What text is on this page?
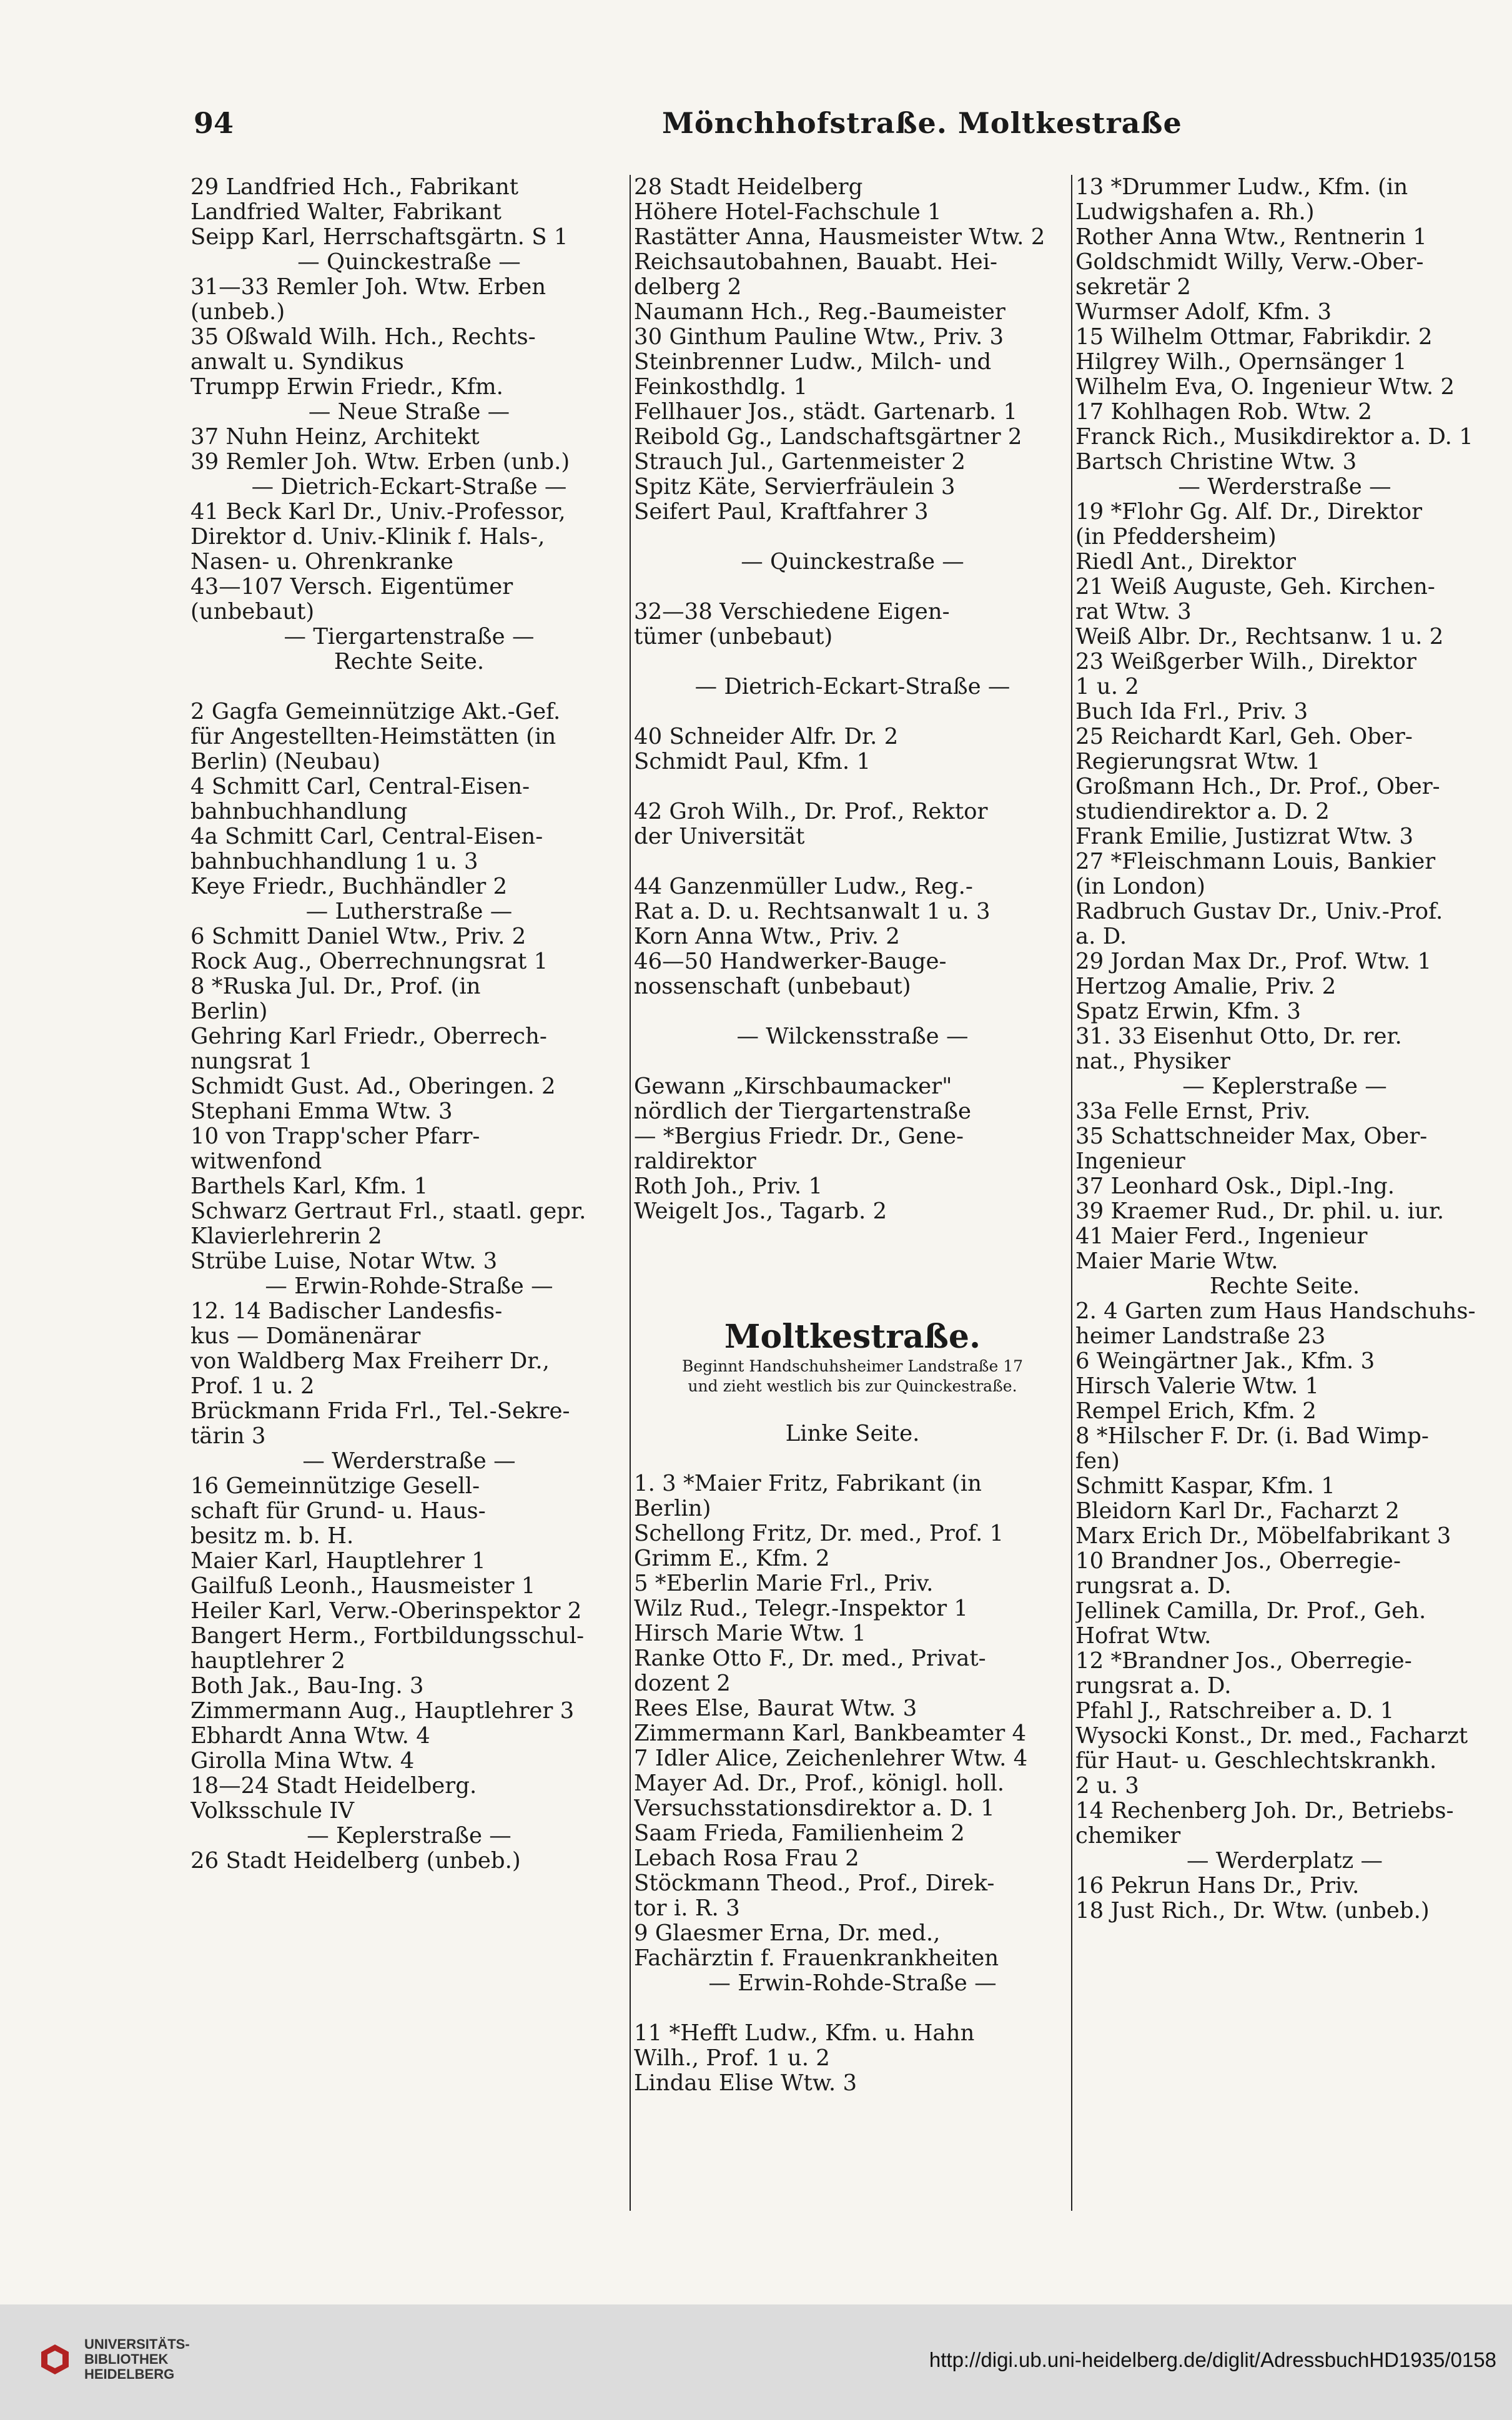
94	Mönchhofstraße. Moltkestraße
29 Landfried Hch., Fabrikant
Landfried Walter, Fabrikant
Seipp Karl, Herrschaftsgärtn. S 1
— Quinckestraße —
31—33 Remler Joh. Wtw. Erben
(unbeb.)
35 Oßwald Wilh. Hch., Rechts-
anwalt u. Syndikus
Trumpp Erwin Friedr., Kfm.
— Neue Straße —
37 Nuhn Heinz, Architekt
39 Remler Joh. Wtw. Erben (unb.)
— Dietrich-Eckart-Straße —
41 Beck Karl Dr., Univ.-Professor,
Direktor d. Univ.-Klinik f. Hals-,
Nasen- u. Ohrenkranke
43—107 Versch. Eigentümer
(unbebaut)
— Tiergartenstraße —
Rechte Seite.
2 Gagfa Gemeinnützige Akt.-Gef.
für Angestellten-Heimstätten (in
Berlin) (Neubau)
4 Schmitt Carl, Central-Eisen-
bahnbuchhandlung
4a Schmitt Carl, Central-Eisen-
bahnbuchhandlung 1 u. 3
Keye Friedr., Buchhändler 2
— Lutherstraße —
6 Schmitt Daniel Wtw., Priv. 2
Rock Aug., Oberrechnungsrat 1
8 *Ruska Jul. Dr., Prof. (in
Berlin)
Gehring Karl Friedr., Oberrech-
nungsrat 1
Schmidt Gust. Ad., Oberingen. 2
Stephani Emma Wtw. 3
10 von Trapp'scher Pfarr-
witwenfond
Barthels Karl, Kfm. 1
Schwarz Gertraut Frl., staatl. gepr.
Klavierlehrerin 2
Strübe Luise, Notar Wtw. 3
— Erwin-Rohde-Straße —
12. 14 Badischer Landesfis-
kus — Domänenärar
von Waldberg Max Freiherr Dr.,
Prof. 1 u. 2
Brückmann Frida Frl., Tel.-Sekre-
tärin 3
— Werderstraße —
16 Gemeinnützige Gesell-
schaft für Grund- u. Haus-
besitz m. b. H.
Maier Karl, Hauptlehrer 1
Gailfuß Leonh., Hausmeister 1
Heiler Karl, Verw.-Oberinspektor 2
Bangert Herm., Fortbildungsschul-
hauptlehrer 2
Both Jak., Bau-Ing. 3
Zimmermann Aug., Hauptlehrer 3
Ebhardt Anna Wtw. 4
Girolla Mina Wtw. 4
18—24 Stadt Heidelberg.
Volksschule IV
— Keplerstraße —
26 Stadt Heidelberg (unbeb.)
28 Stadt Heidelberg
Höhere Hotel-Fachschule 1
Rastätter Anna, Hausmeister Wtw. 2
Reichsautobahnen, Bauabt. Hei-
delberg 2
Naumann Hch., Reg.-Baumeister
30 Ginthum Pauline Wtw., Priv. 3
Steinbrenner Ludw., Milch- und
Feinkosthdlg. 1
Fellhauer Jos., städt. Gartenarb. 1
Reibold Gg., Landschaftsgärtner 2
Strauch Jul., Gartenmeister 2
Spitz Käte, Servierfräulein 3
Seifert Paul, Kraftfahrer 3
— Quinckestraße —
32—38 Verschiedene Eigen-
tümer (unbebaut)
— Dietrich-Eckart-Straße —
40 Schneider Alfr. Dr. 2
Schmidt Paul, Kfm. 1
42 Groh Wilh., Dr. Prof., Rektor
der Universität
44 Ganzenmüller Ludw., Reg.-
Rat a. D. u. Rechtsanwalt 1 u. 3
Korn Anna Wtw., Priv. 2
46—50 Handwerker-Bauge-
nossenschaft (unbebaut)
— Wilckensstraße —
Gewann „Kirschbaumacker"
nördlich der Tiergartenstraße
— *Bergius Friedr. Dr., Gene-
raldirektor
Roth Joh., Priv. 1
Weigelt Jos., Tagarb. 2
Moltkestraße.
Beginnt Handschuhsheimer Landstraße 17
und zieht westlich bis zur Quinckestraße.
Linke Seite.
1. 3 *Maier Fritz, Fabrikant (in
Berlin)
Schellong Fritz, Dr. med., Prof. 1
Grimm E., Kfm. 2
5 *Eberlin Marie Frl., Priv.
Wilz Rud., Telegr.-Inspektor 1
Hirsch Marie Wtw. 1
Ranke Otto F., Dr. med., Privat-
dozent 2
Rees Else, Baurat Wtw. 3
Zimmermann Karl, Bankbeamter 4
7 Idler Alice, Zeichenlehrer Wtw. 4
Mayer Ad. Dr., Prof., königl. holl.
Versuchsstationsdirektor a. D. 1
Saam Frieda, Familienheim 2
Lebach Rosa Frau 2
Stöckmann Theod., Prof., Direk-
tor i. R. 3
9 Glaesmer Erna, Dr. med.,
Fachärztin f. Frauenkrankheiten
— Erwin-Rohde-Straße —
11 *Hefft Ludw., Kfm. u. Hahn
Wilh., Prof. 1 u. 2
Lindau Elise Wtw. 3
13 *Drummer Ludw., Kfm. (in
Ludwigshafen a. Rh.)
Rother Anna Wtw., Rentnerin 1
Goldschmidt Willy, Verw.-Ober-
sekretär 2
Wurmser Adolf, Kfm. 3
15 Wilhelm Ottmar, Fabrikdir. 2
Hilgrey Wilh., Opernsänger 1
Wilhelm Eva, O. Ingenieur Wtw. 2
17 Kohlhagen Rob. Wtw. 2
Franck Rich., Musikdirektor a. D. 1
Bartsch Christine Wtw. 3
— Werderstraße —
19 *Flohr Gg. Alf. Dr., Direktor
(in Pfeddersheim)
Riedl Ant., Direktor
21 Weiß Auguste, Geh. Kirchen-
rat Wtw. 3
Weiß Albr. Dr., Rechtsanw. 1 u. 2
23 Weißgerber Wilh., Direktor
1 u. 2
Buch Ida Frl., Priv. 3
25 Reichardt Karl, Geh. Ober-
Regierungsrat Wtw. 1
Großmann Hch., Dr. Prof., Ober-
studiendirektor a. D. 2
Frank Emilie, Justizrat Wtw. 3
27 *Fleischmann Louis, Bankier
(in London)
Radbruch Gustav Dr., Univ.-Prof.
a. D.
29 Jordan Max Dr., Prof. Wtw. 1
Hertzog Amalie, Priv. 2
Spatz Erwin, Kfm. 3
31. 33 Eisenhut Otto, Dr. rer.
nat., Physiker
— Keplerstraße —
33a Felle Ernst, Priv.
35 Schattschneider Max, Ober-
Ingenieur
37 Leonhard Osk., Dipl.-Ing.
39 Kraemer Rud., Dr. phil. u. iur.
41 Maier Ferd., Ingenieur
Maier Marie Wtw.
Rechte Seite.
2. 4 Garten zum Haus Handschuhs-
heimer Landstraße 23
6 Weingärtner Jak., Kfm. 3
Hirsch Valerie Wtw. 1
Rempel Erich, Kfm. 2
8 *Hilscher F. Dr. (i. Bad Wimp-
fen)
Schmitt Kaspar, Kfm. 1
Bleidorn Karl Dr., Facharzt 2
Marx Erich Dr., Möbelfabrikant 3
10 Brandner Jos., Oberregie-
rungsrat a. D.
Jellinek Camilla, Dr. Prof., Geh.
Hofrat Wtw.
12 *Brandner Jos., Oberregie-
rungsrat a. D.
Pfahl J., Ratschreiber a. D. 1
Wysocki Konst., Dr. med., Facharzt
für Haut- u. Geschlechtskrankh.
2 u. 3
14 Rechenberg Joh. Dr., Betriebs-
chemiker
— Werderplatz —
16 Pekrun Hans Dr., Priv.
18 Just Rich., Dr. Wtw. (unbeb.)
UNIVERSITÄTS-
BIBLIOTHEK
HEIDELBERG
http://digi.ub.uni-heidelberg.de/diglit/AdressbuchHD1935/0158
